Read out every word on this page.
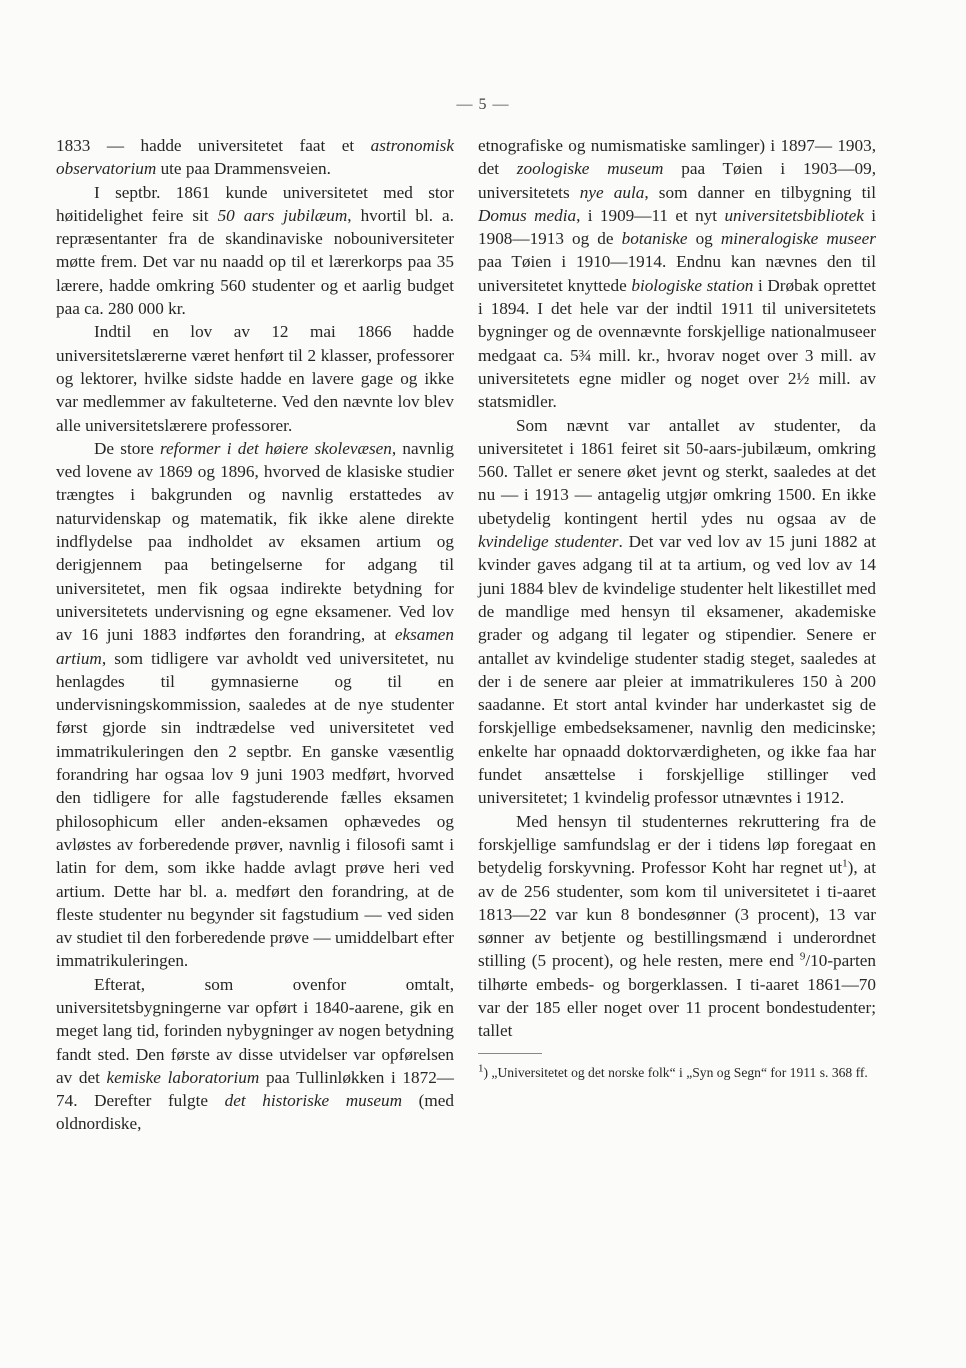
— 5 —

1833 — hadde universitetet faat et astronomisk observatorium ute paa Drammensveien.

I septbr. 1861 kunde universitetet med stor høitidelighet feire sit 50 aars jubilæum, hvortil bl. a. repræsentanter fra de skandinaviske nobouniversiteter møtte frem. Det var nu naadd op til et lærerkorps paa 35 lærere, hadde omkring 560 studenter og et aarlig budget paa ca. 280 000 kr.

Indtil en lov av 12 mai 1866 hadde universitetslærerne været henført til 2 klasser, professorer og lektorer, hvilke sidste hadde en lavere gage og ikke var medlemmer av fakulteterne. Ved den nævnte lov blev alle universitetslærere professorer.

De store reformer i det høiere skolevæsen, navnlig ved lovene av 1869 og 1896, hvorved de klasiske studier trængtes i bakgrunden og navnlig erstattedes av naturvidenskap og matematik, fik ikke alene direkte indflydelse paa indholdet av eksamen artium og derigjennem paa betingelserne for adgang til universitetet, men fik ogsaa indirekte betydning for universitetets undervisning og egne eksamener. Ved lov av 16 juni 1883 indførtes den forandring, at eksamen artium, som tidligere var avholdt ved universitetet, nu henlagdes til gymnasierne og til en undervisningskommission, saaledes at de nye studenter først gjorde sin indtrædelse ved universitetet ved immatrikuleringen den 2 septbr. En ganske væsentlig forandring har ogsaa lov 9 juni 1903 medført, hvorved den tidligere for alle fagstuderende fælles eksamen philosophicum eller anden-eksamen ophævedes og avløstes av forberedende prøver, navnlig i filosofi samt i latin for dem, som ikke hadde avlagt prøve heri ved artium. Dette har bl. a. medført den forandring, at de fleste studenter nu begynder sit fagstudium — ved siden av studiet til den forberedende prøve — umiddelbart efter immatrikuleringen.

Efterat, som ovenfor omtalt, universitetsbygningerne var opført i 1840-aarene, gik en meget lang tid, forinden nybygninger av nogen betydning fandt sted. Den første av disse utvidelser var opførelsen av det kemiske laboratorium paa Tullinløkken i 1872—74. Derefter fulgte det historiske museum (med oldnordiske,

etnografiske og numismatiske samlinger) i 1897— 1903, det zoologiske museum paa Tøien i 1903—09, universitetets nye aula, som danner en tilbygning til Domus media, i 1909—11 et nyt universitetsbibliotek i 1908—1913 og de botaniske og mineralogiske museer paa Tøien i 1910—1914. Endnu kan nævnes den til universitetet knyttede biologiske station i Drøbak oprettet i 1894. I det hele var der indtil 1911 til universitetets bygninger og de ovennævnte forskjellige nationalmuseer medgaat ca. 5¾ mill. kr., hvorav noget over 3 mill. av universitetets egne midler og noget over 2½ mill. av statsmidler.

Som nævnt var antallet av studenter, da universitetet i 1861 feiret sit 50-aars-jubilæum, omkring 560. Tallet er senere øket jevnt og sterkt, saaledes at det nu — i 1913 — antagelig utgjør omkring 1500. En ikke ubetydelig kontingent hertil ydes nu ogsaa av de kvindelige studenter. Det var ved lov av 15 juni 1882 at kvinder gaves adgang til at ta artium, og ved lov av 14 juni 1884 blev de kvindelige studenter helt likestillet med de mandlige med hensyn til eksamener, akademiske grader og adgang til legater og stipendier. Senere er antallet av kvindelige studenter stadig steget, saaledes at der i de senere aar pleier at immatrikuleres 150 à 200 saadanne. Et stort antal kvinder har underkastet sig de forskjellige embedseksamener, navnlig den medicinske; enkelte har opnaadd doktorværdigheten, og ikke faa har fundet ansættelse i forskjellige stillinger ved universitetet; 1 kvindelig professor utnævntes i 1912.

Med hensyn til studenternes rekruttering fra de forskjellige samfundslag er der i tidens løp foregaat en betydelig forskyvning. Professor Koht har regnet $ut^1$), at av de 256 studenter, som kom til universitetet i ti-aaret 1813—22 var kun 8 bondesønner (3 procent), 13 var sønner av betjente og bestillingsmænd i underordnet stilling (5 procent), og hele resten, mere end $^9$/10-parten tilhørte embeds- og borgerklassen. I ti-aaret 1861—70 var der 185 eller noget over 11 procent bondestudenter; tallet

$^1$) „Universitetet og det norske folk“ i „Syn og Segn“ for 1911 s. 368 ff.
